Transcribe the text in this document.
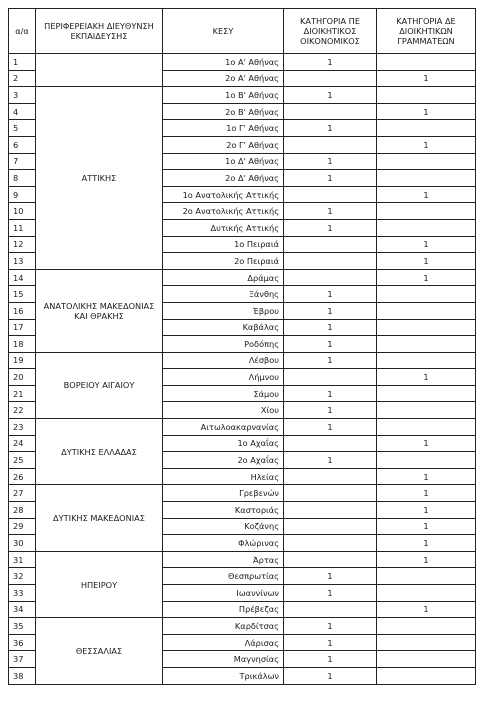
α/α	ΠΕΡΙΦΕΡΕΙΑΚΗ ΔΙΕΥΘΥΝΣΗ ΕΚΠΑΙΔΕΥΣΗΣ	ΚΕΣΥ	ΚΑΤΗΓΟΡΙΑ ΠΕ ΔΙΟΙΚΗΤΙΚΟΣ ΟΙΚΟΝΟΜΙΚΟΣ	ΚΑΤΗΓΟΡΙΑ ΔΕ ΔΙΟΙΚΗΤΙΚΩΝ ΓΡΑΜΜΑΤΕΩΝ
1		1ο Α' Αθήνας	1	
2		2ο Α' Αθήνας		1
3	ΑΤΤΙΚΗΣ	1ο Β' Αθήνας	1	
4		2ο Β' Αθήνας		1
5		1ο Γ' Αθήνας	1	
6		2ο Γ' Αθήνας		1
7		1ο Δ' Αθήνας	1	
8		2ο Δ' Αθήνας	1	
9		1ο Ανατολικής Αττικής		1
10		2ο Ανατολικής Αττικής	1	
11		Δυτικής Αττικής	1	
12		1ο Πειραιά		1
13		2ο Πειραιά		1
14	ΑΝΑΤΟΛΙΚΗΣ ΜΑΚΕΔΟΝΙΑΣ ΚΑΙ ΘΡΑΚΗΣ	Δράμας		1
15		Ξάνθης	1	
16		Έβρου	1	
17		Καβάλας	1	
18		Ροδόπης	1	
19	ΒΟΡΕΙΟΥ ΑΙΓΑΙΟΥ	Λέσβου	1	
20		Λήμνου		1
21		Σάμου	1	
22		Χίου	1	
23	ΔΥΤΙΚΗΣ ΕΛΛΑΔΑΣ	Αιτωλοακαρνανίας	1	
24		1ο Αχαΐας		1
25		2ο Αχαΐας	1	
26		Ηλείας		1
27	ΔΥΤΙΚΗΣ ΜΑΚΕΔΟΝΙΑΣ	Γρεβενών		1
28		Καστοριάς		1
29		Κοζάνης		1
30		Φλώρινας		1
31	ΗΠΕΙΡΟΥ	Άρτας		1
32		Θεσπρωτίας	1	
33		Ιωαννίνων	1	
34		Πρέβεζας		1
35	ΘΕΣΣΑΛΙΑΣ	Καρδίτσας	1	
36		Λάρισας	1	
37		Μαγνησίας	1	
38		Τρικάλων	1	
